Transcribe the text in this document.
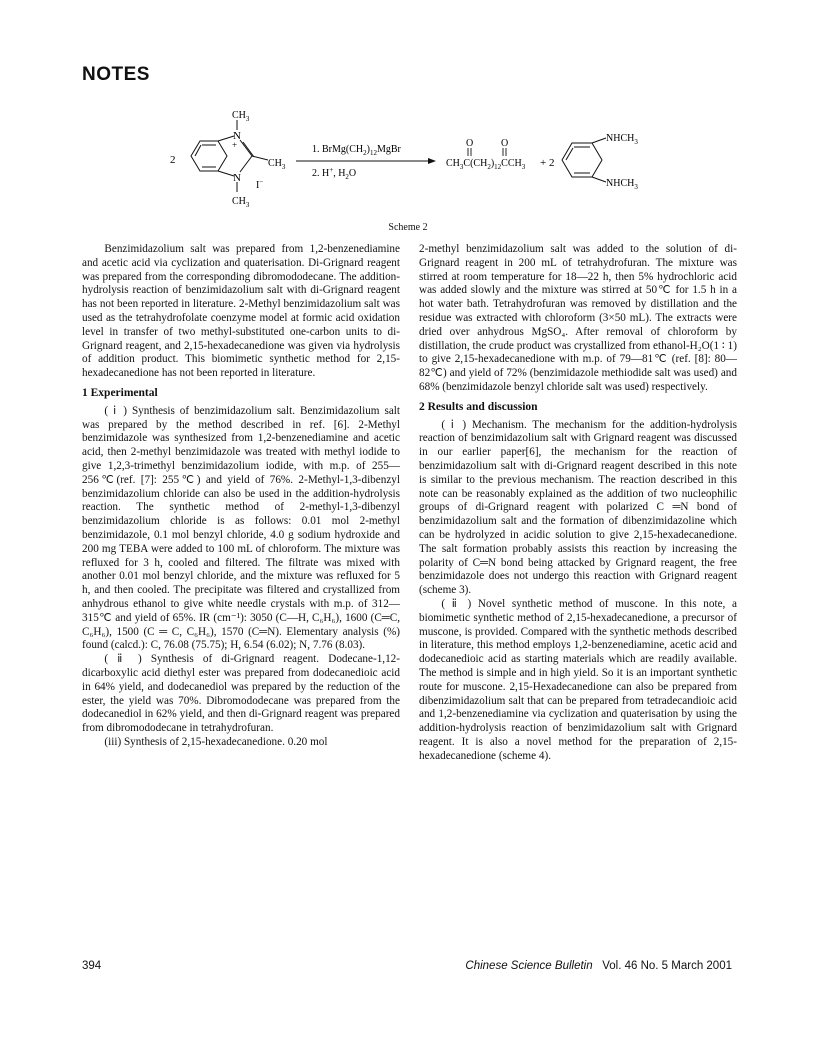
NOTES
2
N
+
N
$CH_3$
$CH_3$
$CH_3$
I−
1. $BrMg(CH_2)_{12}MgBr$
2. H+, $H_2O$
O	O
$CH_3C(CH_2)_{12}CCH_3 + 2$
$NHCH_3$
$NHCH_3$
Scheme 2

Benzimidazolium salt was prepared from 1,2-benzenediamine and acetic acid via cyclization and quaterisation. Di-Grignard reagent was prepared from the corresponding dibromododecane. The addition-hydrolysis reaction of benzimidazolium salt with di-Grignard reagent has not been reported in literature. 2-Methyl benzimidazolium salt was used as the tetrahydrofolate coenzyme model at formic acid oxidation level in transfer of two methyl-substituted one-carbon units to di-Grignard reagent, and 2,15-hexadecanedione was given via hydrolysis of addition product. This biomimetic synthetic method for 2,15-hexadecanedione has not been reported in literature.

1 Experimental

( ⅰ ) Synthesis of benzimidazolium salt. Benzimidazolium salt was prepared by the method described in ref. [6]. 2-Methyl benzimidazole was synthesized from 1,2-benzenediamine and acetic acid, then 2-methyl benzimidazole was treated with methyl iodide to give 1,2,3-trimethyl benzimidazolium iodide, with m.p. of 255—256℃(ref. [7]: 255℃) and yield of 76%. 2-Methyl-1,3-dibenzyl benzimidazolium chloride can also be used in the addition-hydrolysis reaction. The synthetic method of 2-methyl-1,3-dibenzyl benzimidazolium chloride is as follows: 0.01 mol 2-methyl benzimidazole, 0.1 mol benzyl chloride, 4.0 g sodium hydroxide and 200 mg TEBA were added to 100 mL of chloroform. The mixture was refluxed for 3 h, cooled and filtered. The filtrate was mixed with another 0.01 mol benzyl chloride, and the mixture was refluxed for 5 h, and then cooled. The precipitate was filtered and crystallized from anhydrous ethanol to give white needle crystals with m.p. of 312—315℃ and yield of 65%. IR (cm⁻¹): 3050 (C—H, C₆H₆), 1600 (C═C, C₆H₆), 1500 (C ═ C, C₆H₆), 1570 (C═N). Elementary analysis (%) found (calcd.): C, 76.08 (75.75); H, 6.54 (6.02); N, 7.76 (8.03).

( ⅱ ) Synthesis of di-Grignard reagent. Dodecane-1,12-dicarboxylic acid diethyl ester was prepared from dodecanedioic acid in 64% yield, and dodecanediol was prepared by the reduction of the ester, the yield was 70%. Dibromododecane was prepared from the dodecanediol in 62% yield, and then di-Grignard reagent was prepared from dibromododecane in tetrahydrofuran.

(iii) Synthesis of 2,15-hexadecanedione. 0.20 mol

2-methyl benzimidazolium salt was added to the solution of di-Grignard reagent in 200 mL of tetrahydrofuran. The mixture was stirred at room temperature for 18—22 h, then 5% hydrochloric acid was added slowly and the mixture was stirred at 50℃ for 1.5 h in a hot water bath. Tetrahydrofuran was removed by distillation and the residue was extracted with chloroform (3×50 mL). The extracts were dried over anhydrous MgSO₄. After removal of chloroform by distillation, the crude product was crystallized from ethanol-H₂O(1 ∶ 1) to give 2,15-hexadecanedione with m.p. of 79—81℃ (ref. [8]: 80—82℃) and yield of 72% (benzimidazole methiodide salt was used) and 68% (benzimidazole benzyl chloride salt was used) respectively.

2 Results and discussion

( ⅰ ) Mechanism. The mechanism for the addition-hydrolysis reaction of benzimidazolium salt with Grignard reagent was discussed in our earlier paper[6], the mechanism for the reaction of benzimidazolium salt with di-Grignard reagent described in this note is similar to the previous mechanism. The reaction described in this note can be reasonably explained as the addition of two nucleophilic groups of di-Grignard reagent with polarized C ═N bond of benzimidazolium salt and the formation of dibenzimidazoline which can be hydrolyzed in acidic solution to give 2,15-hexadecanedione. The salt formation probably assists this reaction by increasing the polarity of C═N bond being attacked by Grignard reagent, the free benzimidazole does not undergo this reaction with Grignard reagent (scheme 3).

( ⅱ ) Novel synthetic method of muscone. In this note, a biomimetic synthetic method of 2,15-hexadecanedione, a precursor of muscone, is provided. Compared with the synthetic methods described in literature, this method employs 1,2-benzenediamine, acetic acid and dodecanedioic acid as starting materials which are readily available. The method is simple and in high yield. So it is an important synthetic route for muscone. 2,15-Hexadecanedione can also be prepared from dibenzimidazolium salt that can be prepared from tetradecandioic acid and 1,2-benzenediamine via cyclization and quaterisation by using the addition-hydrolysis reaction of benzimidazolium salt with Grignard reagent. It is also a novel method for the preparation of 2,15-hexadecanedione (scheme 4).

394	Chinese Science Bulletin Vol. 46 No. 5 March 2001
